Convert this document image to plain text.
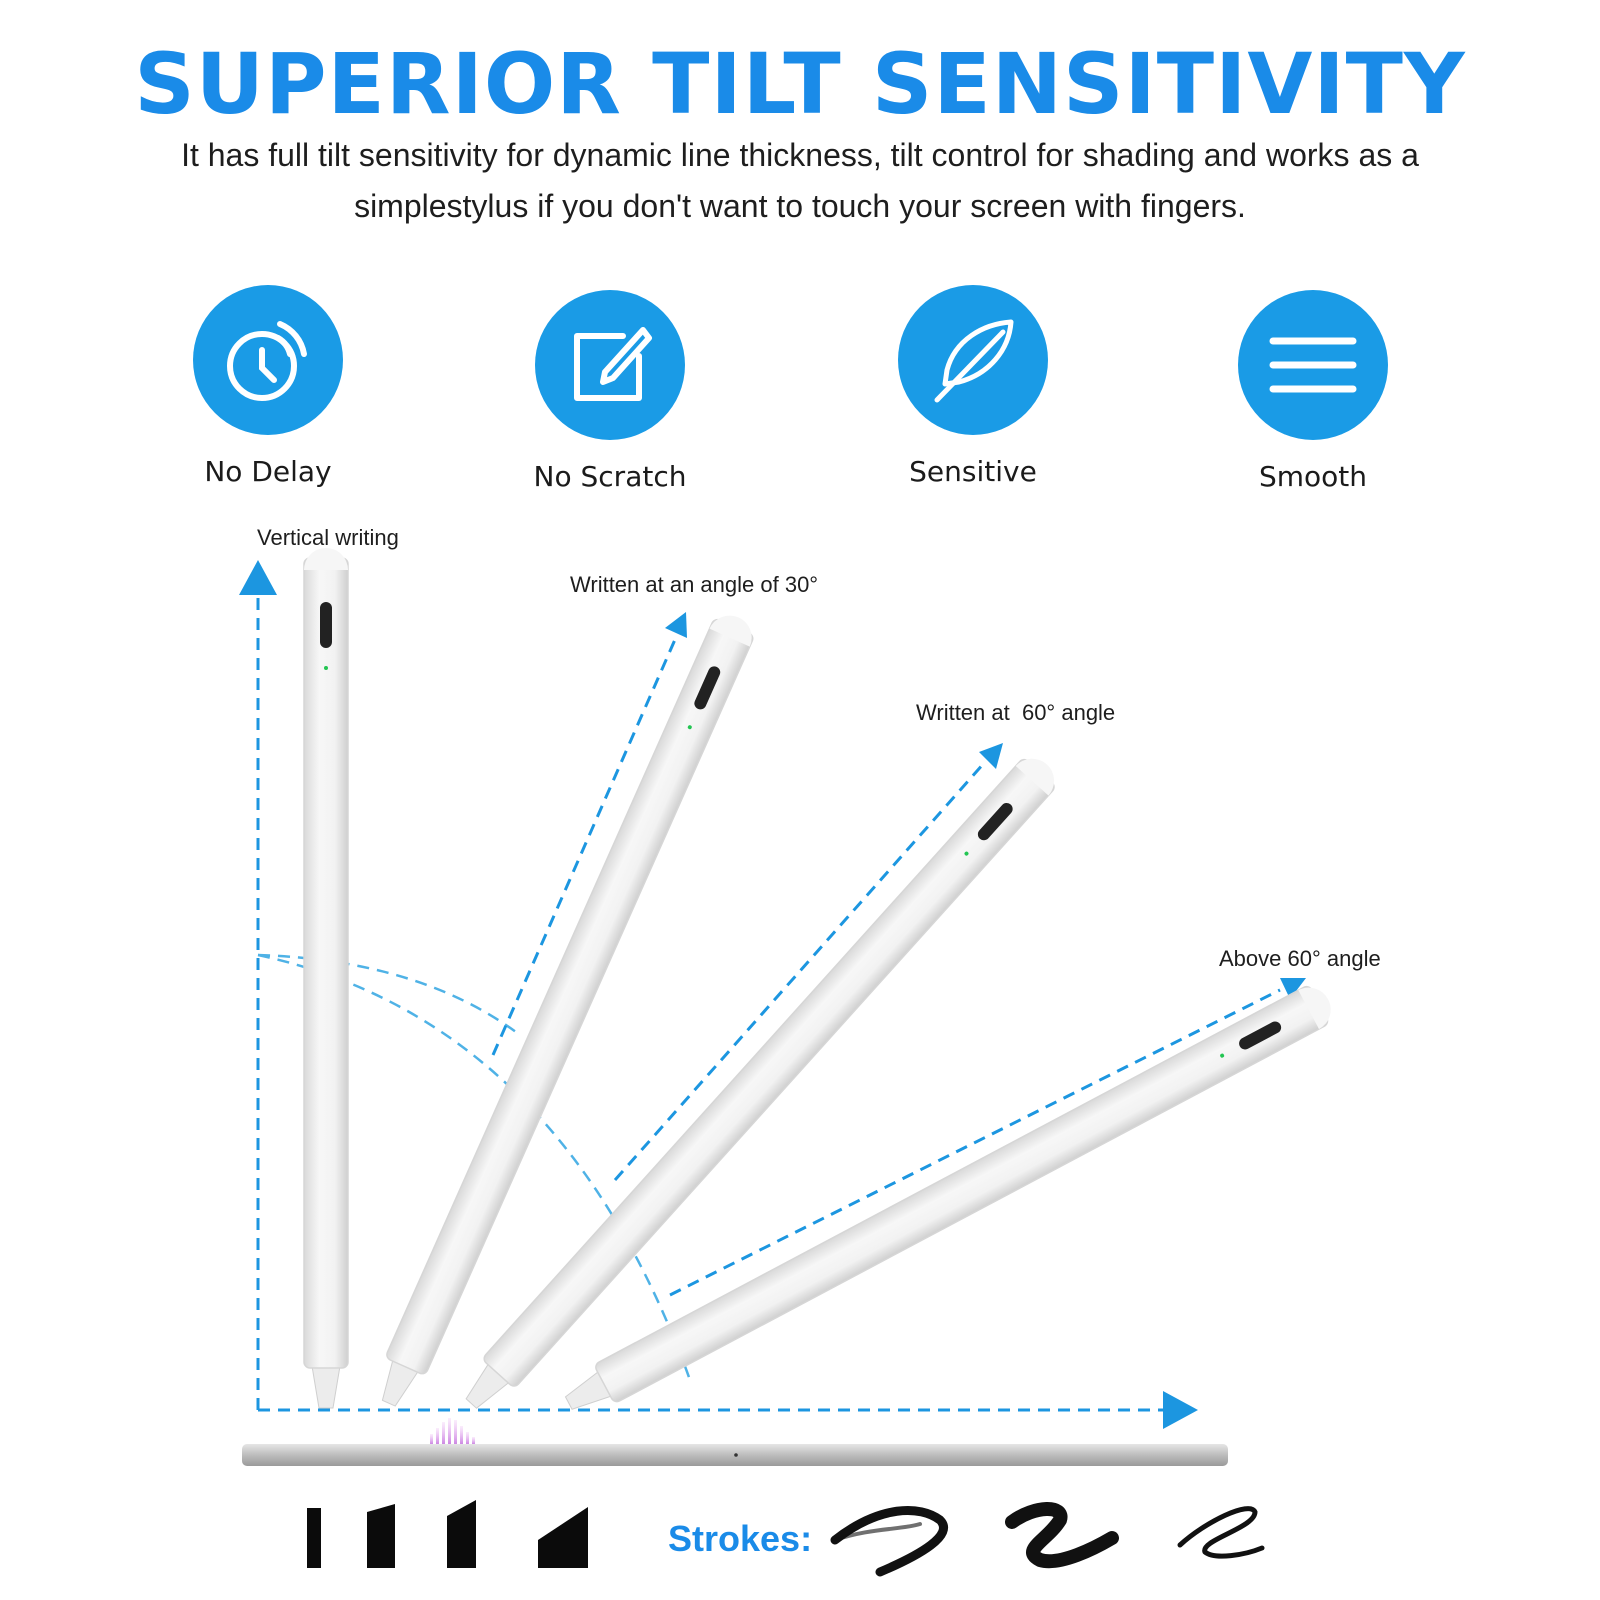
SUPERIOR TILT SENSITIVITY
It has full tilt sensitivity for dynamic line thickness, tilt control for shading and works as a simplestylus if you don't want to touch your screen with fingers.
No Delay	No Scratch	Sensitive	Smooth
Vertical writing
Written at an angle of 30°
Written at  60° angle
Above 60° angle
Strokes:
